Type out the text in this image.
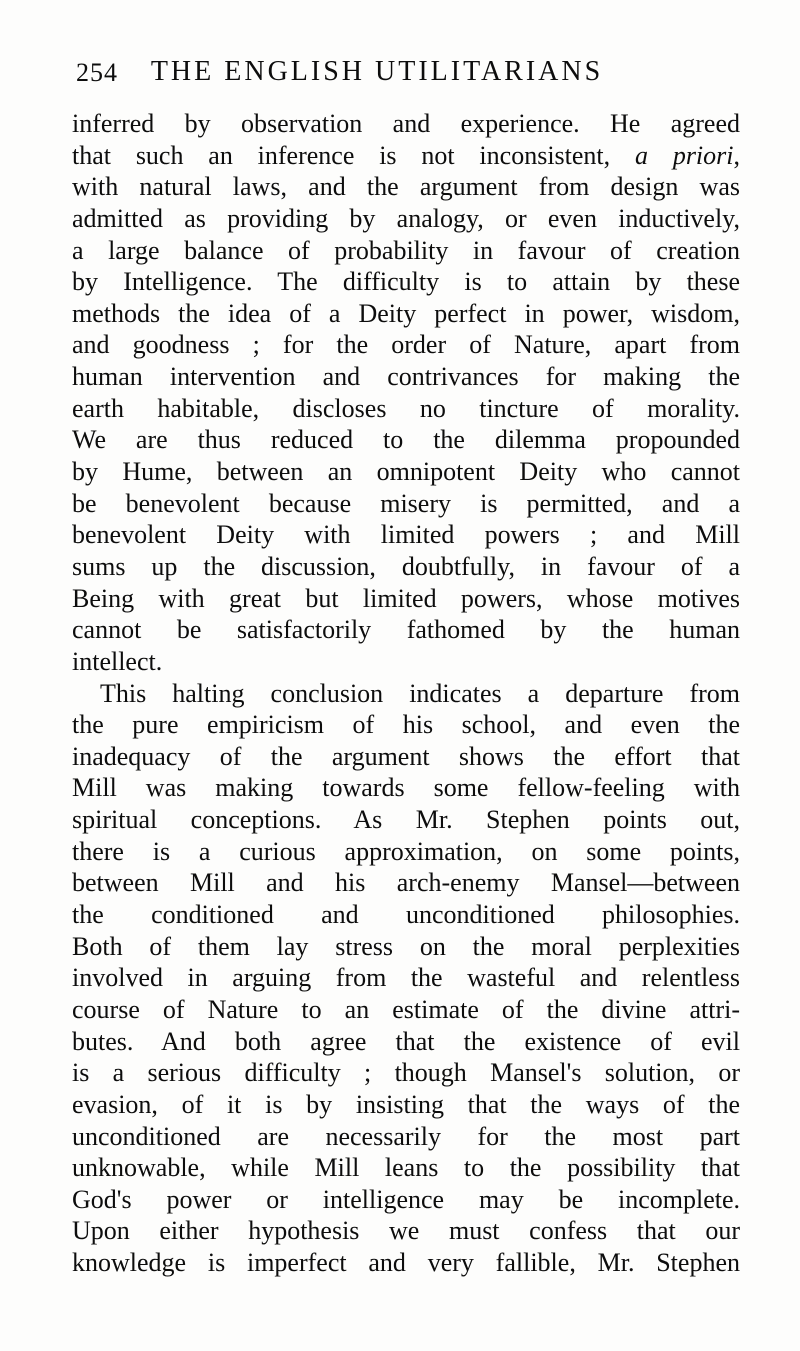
254	THE ENGLISH UTILITARIANS
inferred by observation and experience. He agreed
that such an inference is not inconsistent, a priori,
with natural laws, and the argument from design was
admitted as providing by analogy, or even inductively,
a large balance of probability in favour of creation
by Intelligence. The difficulty is to attain by these
methods the idea of a Deity perfect in power, wisdom,
and goodness ; for the order of Nature, apart from
human intervention and contrivances for making the
earth habitable, discloses no tincture of morality.
We are thus reduced to the dilemma propounded
by Hume, between an omnipotent Deity who cannot
be benevolent because misery is permitted, and a
benevolent Deity with limited powers ; and Mill
sums up the discussion, doubtfully, in favour of a
Being with great but limited powers, whose motives
cannot be satisfactorily fathomed by the human
intellect.
This halting conclusion indicates a departure from
the pure empiricism of his school, and even the
inadequacy of the argument shows the effort that
Mill was making towards some fellow-feeling with
spiritual conceptions. As Mr. Stephen points out,
there is a curious approximation, on some points,
between Mill and his arch-enemy Mansel—between
the conditioned and unconditioned philosophies.
Both of them lay stress on the moral perplexities
involved in arguing from the wasteful and relentless
course of Nature to an estimate of the divine attri-
butes. And both agree that the existence of evil
is a serious difficulty ; though Mansel's solution, or
evasion, of it is by insisting that the ways of the
unconditioned are necessarily for the most part
unknowable, while Mill leans to the possibility that
God's power or intelligence may be incomplete.
Upon either hypothesis we must confess that our
knowledge is imperfect and very fallible, Mr. Stephen
